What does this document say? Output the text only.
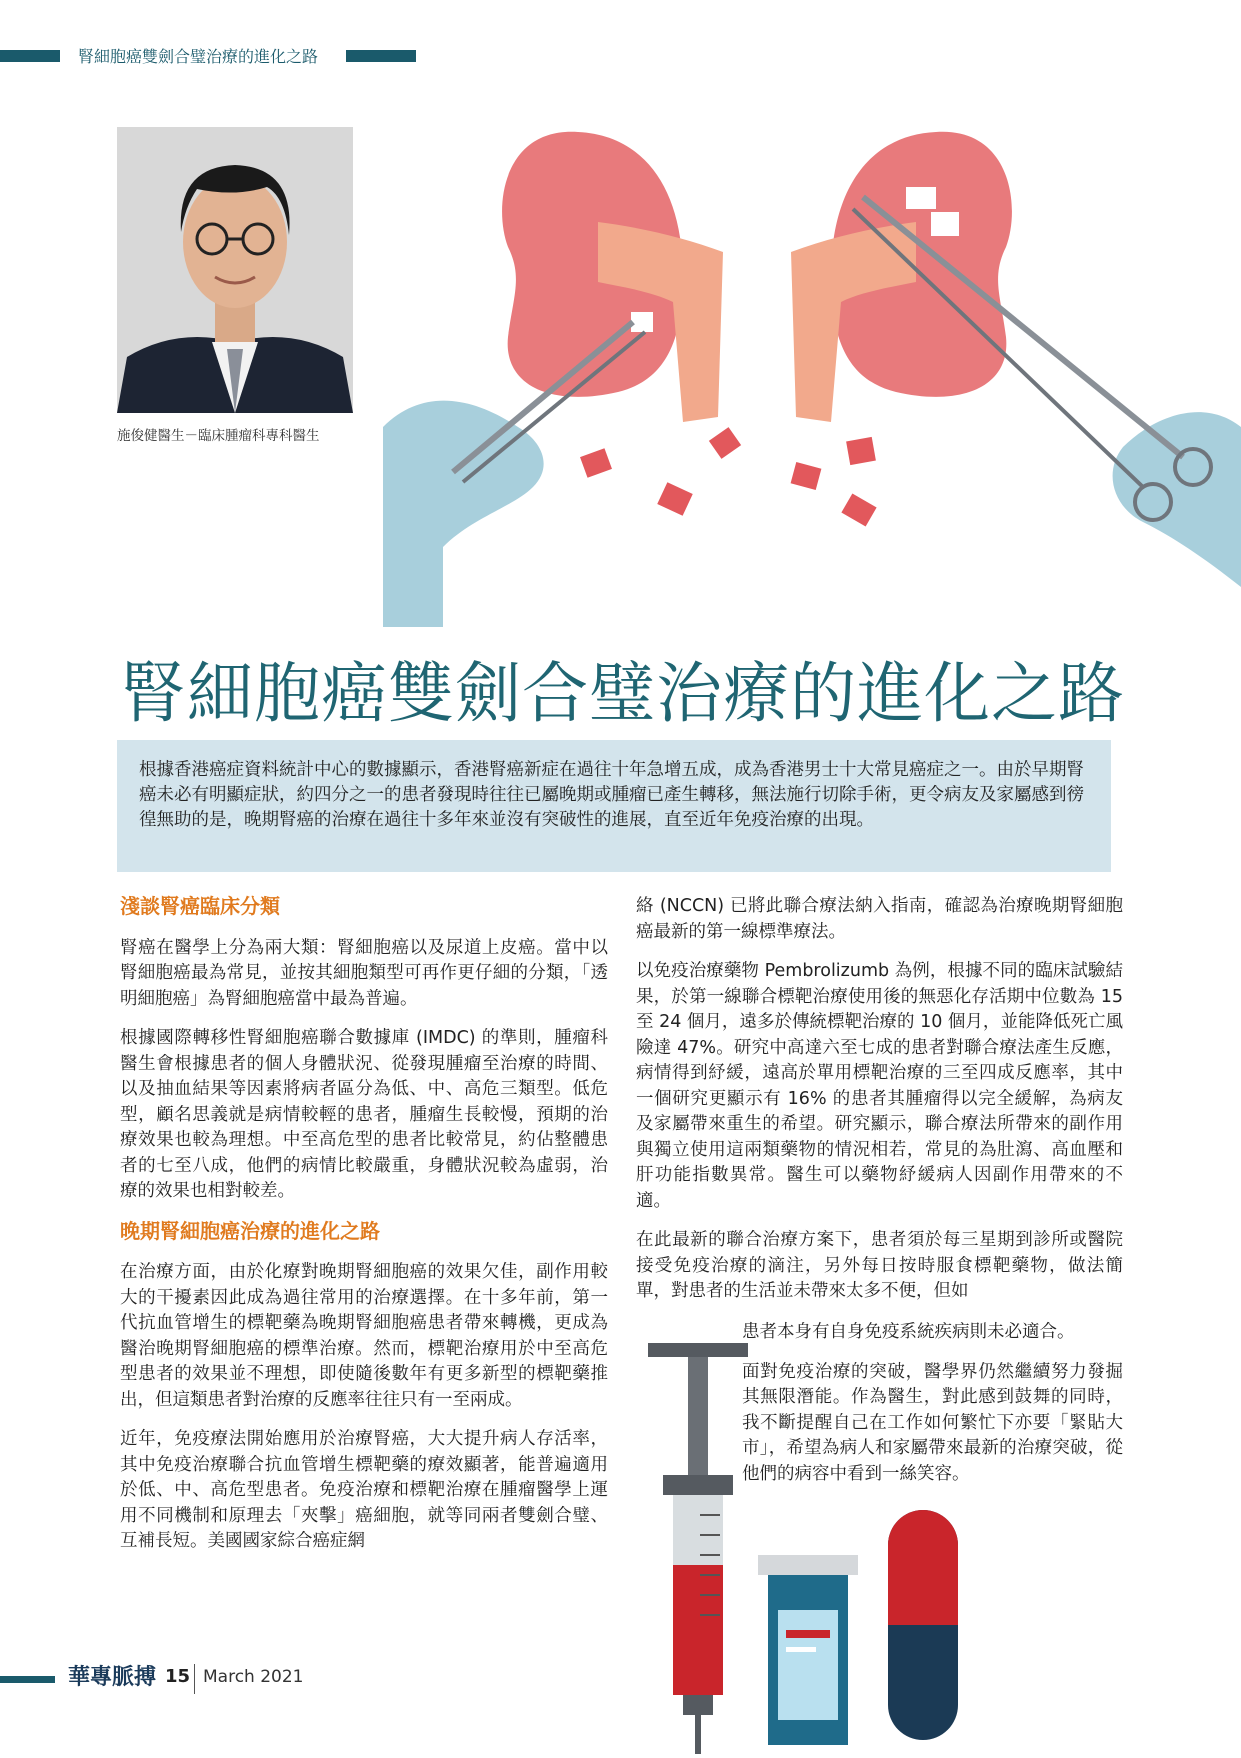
腎細胞癌雙劍合璧治療的進化之路
施俊健醫生－臨床腫瘤科專科醫生
腎細胞癌雙劍合璧治療的進化之路
根據香港癌症資料統計中心的數據顯示，香港腎癌新症在過往十年急增五成，成為香港男士十大常見癌症之一。由於早期腎癌未必有明顯症狀，約四分之一的患者發現時往往已屬晚期或腫瘤已產生轉移，無法施行切除手術，更令病友及家屬感到徬徨無助的是，晚期腎癌的治療在過往十多年來並沒有突破性的進展，直至近年免疫治療的出現。
淺談腎癌臨床分類

腎癌在醫學上分為兩大類：腎細胞癌以及尿道上皮癌。當中以腎細胞癌最為常見，並按其細胞類型可再作更仔細的分類，「透明細胞癌」為腎細胞癌當中最為普遍。

根據國際轉移性腎細胞癌聯合數據庫 (IMDC) 的準則，腫瘤科醫生會根據患者的個人身體狀況、從發現腫瘤至治療的時間、以及抽血結果等因素將病者區分為低、中、高危三類型。低危型，顧名思義就是病情較輕的患者，腫瘤生長較慢，預期的治療效果也較為理想。中至高危型的患者比較常見，約佔整體患者的七至八成，他們的病情比較嚴重，身體狀況較為虛弱，治療的效果也相對較差。

晚期腎細胞癌治療的進化之路

在治療方面，由於化療對晚期腎細胞癌的效果欠佳，副作用較大的干擾素因此成為過往常用的治療選擇。在十多年前，第一代抗血管增生的標靶藥為晚期腎細胞癌患者帶來轉機，更成為醫治晚期腎細胞癌的標準治療。然而，標靶治療用於中至高危型患者的效果並不理想，即使隨後數年有更多新型的標靶藥推出，但這類患者對治療的反應率往往只有一至兩成。

近年，免疫療法開始應用於治療腎癌，大大提升病人存活率，其中免疫治療聯合抗血管增生標靶藥的療效顯著，能普遍適用於低、中、高危型患者。免疫治療和標靶治療在腫瘤醫學上運用不同機制和原理去「夾擊」癌細胞，就等同兩者雙劍合璧、互補長短。美國國家綜合癌症網

絡 (NCCN) 已將此聯合療法納入指南，確認為治療晚期腎細胞癌最新的第一線標準療法。

以免疫治療藥物 Pembrolizumb 為例，根據不同的臨床試驗結果，於第一線聯合標靶治療使用後的無惡化存活期中位數為 15 至 24 個月，遠多於傳統標靶治療的 10 個月，並能降低死亡風險達 47%。研究中高達六至七成的患者對聯合療法產生反應，病情得到紓緩，遠高於單用標靶治療的三至四成反應率，其中一個研究更顯示有 16% 的患者其腫瘤得以完全緩解，為病友及家屬帶來重生的希望。研究顯示，聯合療法所帶來的副作用與獨立使用這兩類藥物的情況相若，常見的為肚瀉、高血壓和肝功能指數異常。醫生可以藥物紓緩病人因副作用帶來的不適。

在此最新的聯合治療方案下，患者須於每三星期到診所或醫院接受免疫治療的滴注，另外每日按時服食標靶藥物，做法簡單，對患者的生活並未帶來太多不便，但如

患者本身有自身免疫系統疾病則未必適合。

面對免疫治療的突破，醫學界仍然繼續努力發掘其無限潛能。作為醫生，對此感到鼓舞的同時，我不斷提醒自己在工作如何繁忙下亦要「緊貼大市」，希望為病人和家屬帶來最新的治療突破，從他們的病容中看到一絲笑容。

華專脈搏 15 March 2021
